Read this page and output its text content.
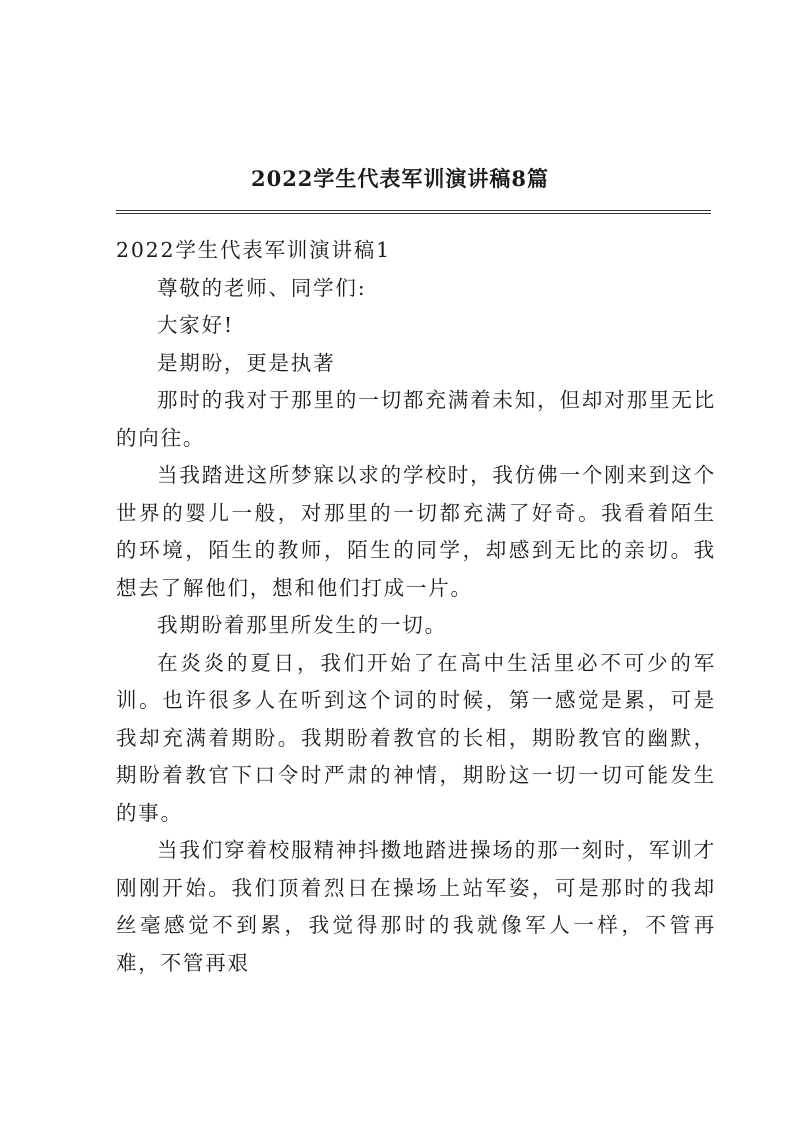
2022学生代表军训演讲稿8篇

2022学生代表军训演讲稿1

尊敬的老师、同学们:

大家好!

是期盼，更是执著

那时的我对于那里的一切都充满着未知，但却对那里无比的向往。

当我踏进这所梦寐以求的学校时，我仿佛一个刚来到这个世界的婴儿一般，对那里的一切都充满了好奇。我看着陌生的环境，陌生的教师，陌生的同学，却感到无比的亲切。我想去了解他们，想和他们打成一片。

我期盼着那里所发生的一切。

在炎炎的夏日，我们开始了在高中生活里必不可少的军训。也许很多人在听到这个词的时候，第一感觉是累，可是我却充满着期盼。我期盼着教官的长相，期盼教官的幽默，期盼着教官下口令时严肃的神情，期盼这一切一切可能发生的事。

当我们穿着校服精神抖擞地踏进操场的那一刻时，军训才刚刚开始。我们顶着烈日在操场上站军姿，可是那时的我却丝毫感觉不到累，我觉得那时的我就像军人一样，不管再难，不管再艰
